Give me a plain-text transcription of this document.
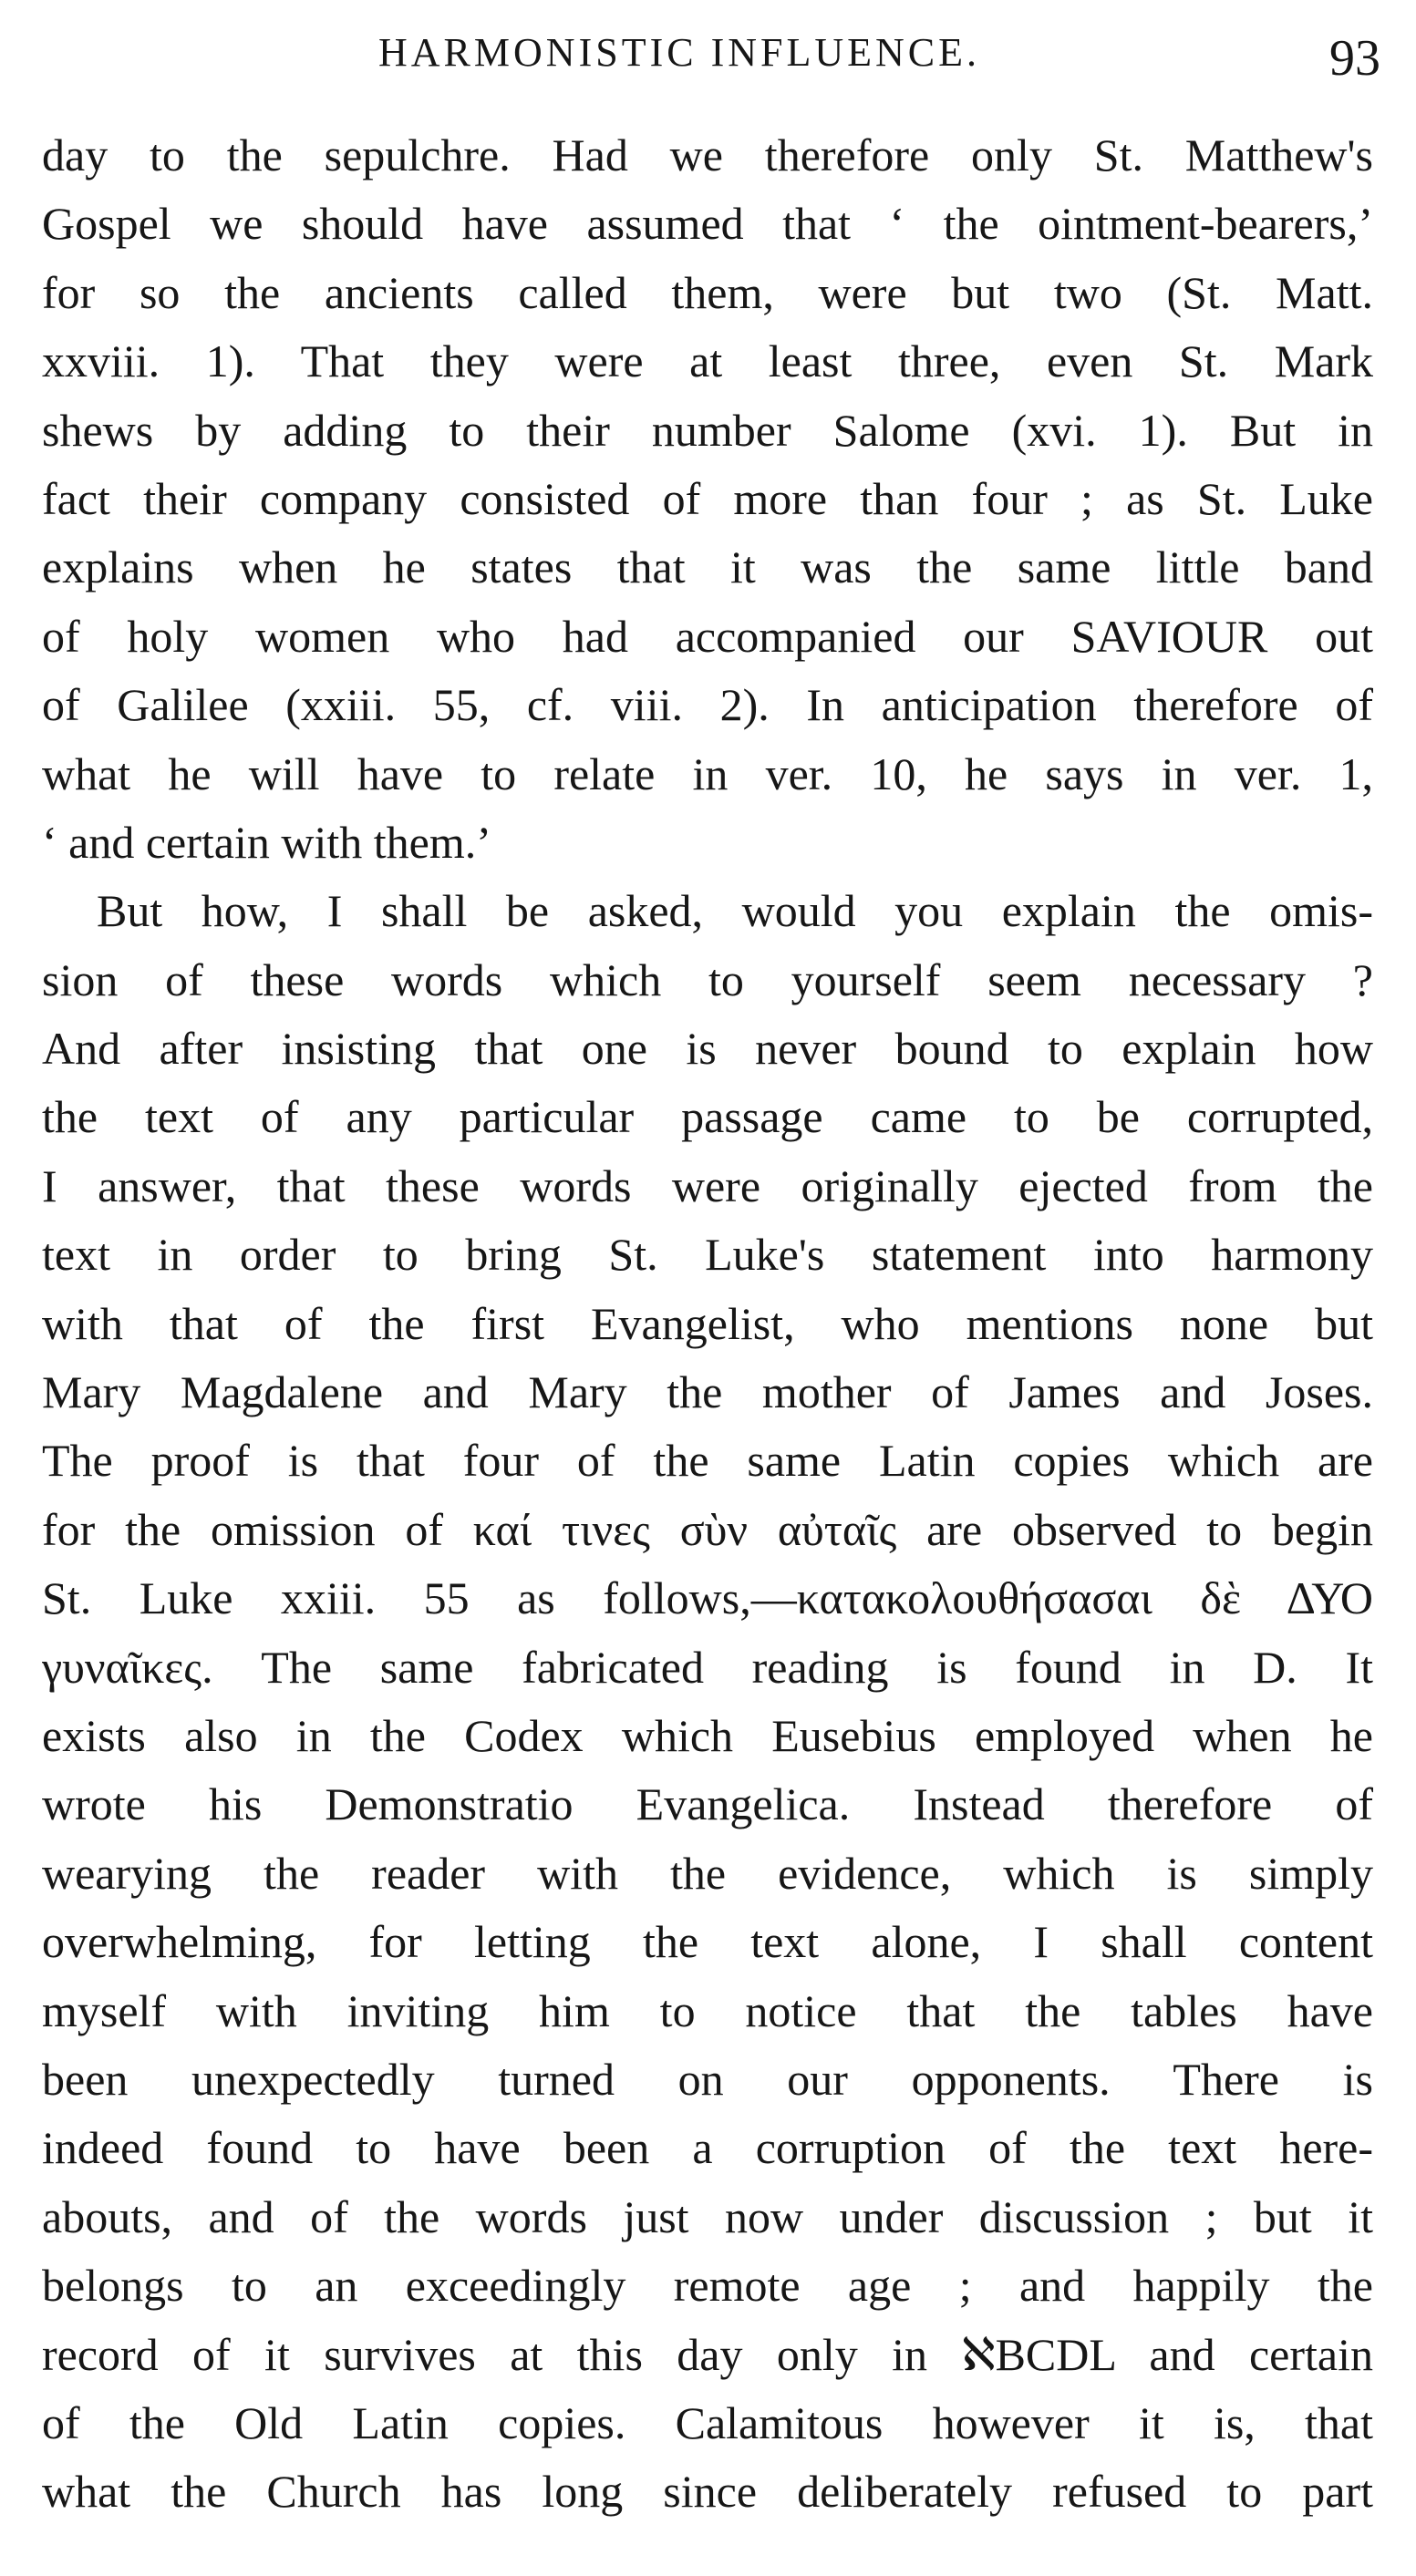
HARMONISTIC INFLUENCE.	93
day to the sepulchre. Had we therefore only St. Matthew's
Gospel we should have assumed that ‘ the ointment-bearers,’
for so the ancients called them, were but two (St. Matt.
xxviii. 1). That they were at least three, even St. Mark
shews by adding to their number Salome (xvi. 1). But in
fact their company consisted of more than four ; as St. Luke
explains when he states that it was the same little band
of holy women who had accompanied our SAVIOUR out
of Galilee (xxiii. 55, cf. viii. 2). In anticipation therefore of
what he will have to relate in ver. 10, he says in ver. 1,
‘ and certain with them.’
But how, I shall be asked, would you explain the omis-
sion of these words which to yourself seem necessary ?
And after insisting that one is never bound to explain how
the text of any particular passage came to be corrupted,
I answer, that these words were originally ejected from the
text in order to bring St. Luke's statement into harmony
with that of the first Evangelist, who mentions none but
Mary Magdalene and Mary the mother of James and Joses.
The proof is that four of the same Latin copies which are
for the omission of καί τινες σὺν αὐταῖς are observed to begin
St. Luke xxiii. 55 as follows,—κατακολουθήσασαι δὲ ΔΥΟ
γυναῖκες. The same fabricated reading is found in D. It
exists also in the Codex which Eusebius employed when he
wrote his Demonstratio Evangelica. Instead therefore of
wearying the reader with the evidence, which is simply
overwhelming, for letting the text alone, I shall content
myself with inviting him to notice that the tables have
been unexpectedly turned on our opponents. There is
indeed found to have been a corruption of the text here-
abouts, and of the words just now under discussion ; but it
belongs to an exceedingly remote age ; and happily the
record of it survives at this day only in ℵBCDL and certain
of the Old Latin copies. Calamitous however it is, that
what the Church has long since deliberately refused to part
